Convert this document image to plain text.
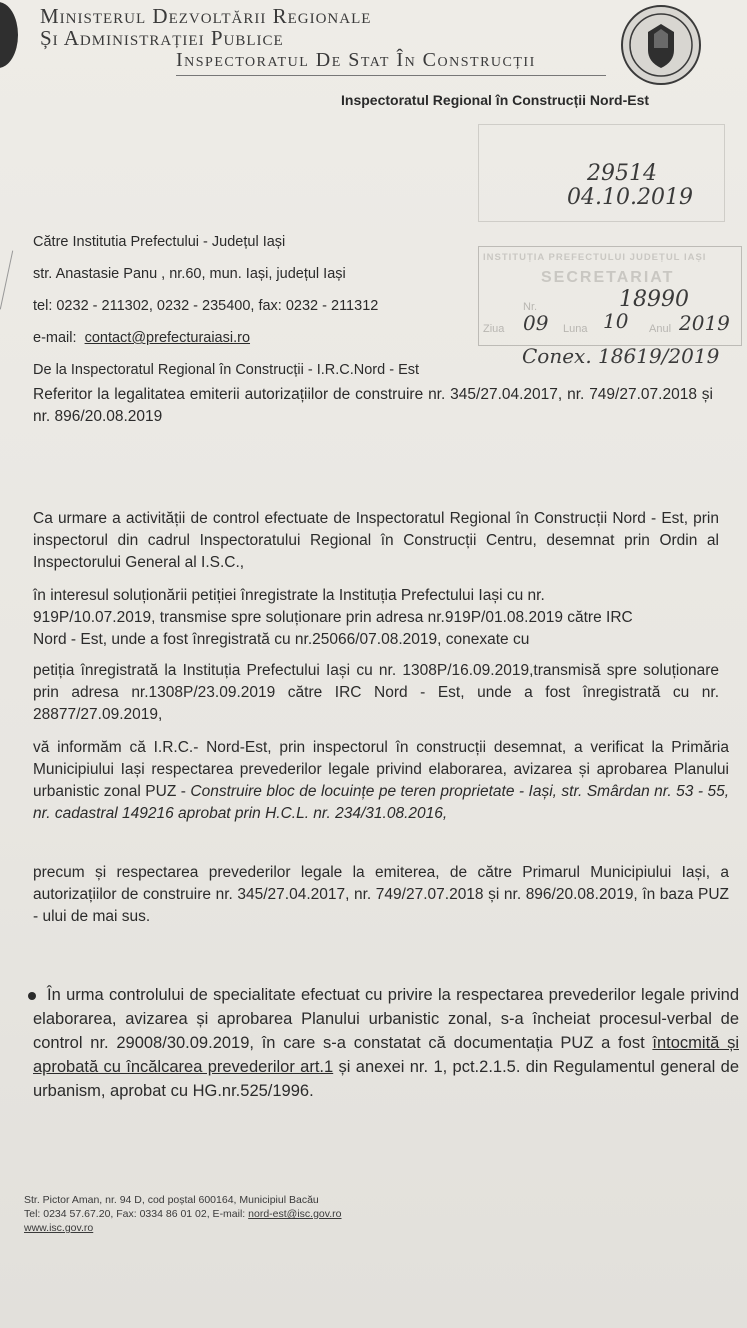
Ministerul Dezvoltării Regionale
Și Administrației Publice
Inspectoratul De Stat În Construcții
Inspectoratul Regional în Construcții Nord-Est

29514
04.10.2019
Către Institutia Prefectului - Județul Iași
str. Anastasie Panu , nr.60, mun. Iași, județul Iași
tel: 0232 - 211302, 0232 - 235400, fax: 0232 - 211312
e-mail: contact@prefecturaiasi.ro
De la Inspectoratul Regional în Construcții - I.R.C.Nord - Est
INSTITUȚIA PREFECTULUI JUDEȚUL IAȘI
SECRETARIAT
Nr.	18990
Ziua 09 Luna 10 Anul 2019
Conex. 18619/2019
Referitor la legalitatea emiterii autorizațiilor de construire nr. 345/27.04.2017, nr. 749/27.07.2018 și nr. 896/20.08.2019
Ca urmare a activității de control efectuate de Inspectoratul Regional în Construcții Nord - Est, prin inspectorul din cadrul Inspectoratului Regional în Construcții Centru, desemnat prin Ordin al Inspectorului General al I.S.C.,
în interesul soluționării petiției înregistrate la Instituția Prefectului Iași cu nr.
919P/10.07.2019, transmise spre soluționare prin adresa nr.919P/01.08.2019 către IRC
Nord - Est, unde a fost înregistrată cu nr.25066/07.08.2019, conexate cu
petiția înregistrată la Instituția Prefectului Iași cu nr. 1308P/16.09.2019,transmisă spre soluționare prin adresa nr.1308P/23.09.2019 către IRC Nord - Est, unde a fost înregistrată cu nr. 28877/27.09.2019,
vă informăm că I.R.C.- Nord-Est, prin inspectorul în construcții desemnat, a verificat la Primăria Municipiului Iași respectarea prevederilor legale privind elaborarea, avizarea și aprobarea Planului urbanistic zonal PUZ - Construire bloc de locuințe pe teren proprietate - Iași, str. Smârdan nr. 53 - 55, nr. cadastral 149216 aprobat prin H.C.L. nr. 234/31.08.2016,
precum și respectarea prevederilor legale la emiterea, de către Primarul Municipiului Iași, a autorizațiilor de construire nr. 345/27.04.2017, nr. 749/27.07.2018 și nr. 896/20.08.2019, în baza PUZ - ului de mai sus.
În urma controlului de specialitate efectuat cu privire la respectarea prevederilor legale privind elaborarea, avizarea și aprobarea Planului urbanistic zonal, s-a încheiat procesul-verbal de control nr. 29008/30.09.2019, în care s-a constatat că documentația PUZ a fost întocmită și aprobată cu încălcarea prevederilor art.1 și anexei nr. 1, pct.2.1.5. din Regulamentul general de urbanism, aprobat cu HG.nr.525/1996.
Str. Pictor Aman, nr. 94 D, cod poștal 600164, Municipiul Bacău
Tel: 0234 57.67.20, Fax: 0334 86 01 02, E-mail: nord-est@isc.gov.ro
www.isc.gov.ro
